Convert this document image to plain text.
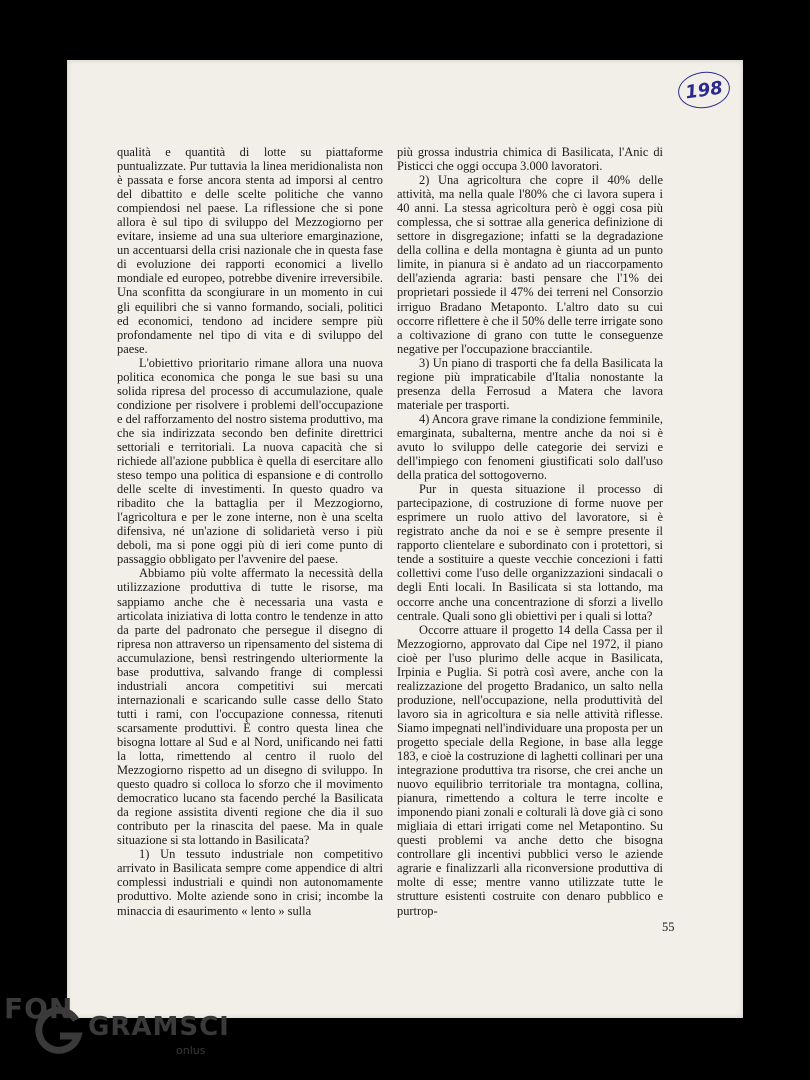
198

qualità e quantità di lotte su piattaforme puntualizzate. Pur tuttavia la linea meridionalista non è passata e forse ancora stenta ad imporsi al centro del dibattito e delle scelte politiche che vanno compiendosi nel paese. La riflessione che si pone allora è sul tipo di sviluppo del Mezzogiorno per evitare, insieme ad una sua ulteriore emarginazione, un accentuarsi della crisi nazionale che in questa fase di evoluzione dei rapporti economici a livello mondiale ed europeo, potrebbe divenire irreversibile. Una sconfitta da scongiurare in un momento in cui gli equilibri che si vanno formando, sociali, politici ed economici, tendono ad incidere sempre più profondamente nel tipo di vita e di sviluppo del paese.

L'obiettivo prioritario rimane allora una nuova politica economica che ponga le sue basi su una solida ripresa del processo di accumulazione, quale condizione per risolvere i problemi dell'occupazione e del rafforzamento del nostro sistema produttivo, ma che sia indirizzata secondo ben definite direttrici settoriali e territoriali. La nuova capacità che si richiede all'azione pubblica è quella di esercitare allo steso tempo una politica di espansione e di controllo delle scelte di investimenti. In questo quadro va ribadito che la battaglia per il Mezzogiorno, l'agricoltura e per le zone interne, non è una scelta difensiva, né un'azione di solidarietà verso i più deboli, ma si pone oggi più di ieri come punto di passaggio obbligato per l'avvenire del paese.

Abbiamo più volte affermato la necessità della utilizzazione produttiva di tutte le risorse, ma sappiamo anche che è necessaria una vasta e articolata iniziativa di lotta contro le tendenze in atto da parte del padronato che persegue il disegno di ripresa non attraverso un ripensamento del sistema di accumulazione, bensì restringendo ulteriormente la base produttiva, salvando frange di complessi industriali ancora competitivi sui mercati internazionali e scaricando sulle casse dello Stato tutti i rami, con l'occupazione connessa, ritenuti scarsamente produttivi. È contro questa linea che bisogna lottare al Sud e al Nord, unificando nei fatti la lotta, rimettendo al centro il ruolo del Mezzogiorno rispetto ad un disegno di sviluppo. In questo quadro si colloca lo sforzo che il movimento democratico lucano sta facendo perché la Basilicata da regione assistita diventi regione che dia il suo contributo per la rinascita del paese. Ma in quale situazione si sta lottando in Basilicata?

1) Un tessuto industriale non competitivo arrivato in Basilicata sempre come appendice di altri complessi industriali e quindi non autonomamente produttivo. Molte aziende sono in crisi; incombe la minaccia di esaurimento « lento » sulla

più grossa industria chimica di Basilicata, l'Anic di Pisticci che oggi occupa 3.000 lavoratori.

2) Una agricoltura che copre il 40% delle attività, ma nella quale l'80% che ci lavora supera i 40 anni. La stessa agricoltura però è oggi cosa più complessa, che si sottrae alla generica definizione di settore in disgregazione; infatti se la degradazione della collina e della montagna è giunta ad un punto limite, in pianura si è andato ad un riaccorpamento dell'azienda agraria: basti pensare che l'1% dei proprietari possiede il 47% dei terreni nel Consorzio irriguo Bradano Metaponto. L'altro dato su cui occorre riflettere è che il 50% delle terre irrigate sono a coltivazione di grano con tutte le conseguenze negative per l'occupazione bracciantile.

3) Un piano di trasporti che fa della Basilicata la regione più impraticabile d'Italia nonostante la presenza della Ferrosud a Matera che lavora materiale per trasporti.

4) Ancora grave rimane la condizione femminile, emarginata, subalterna, mentre anche da noi si è avuto lo sviluppo delle categorie dei servizi e dell'impiego con fenomeni giustificati solo dall'uso della pratica del sottogoverno.

Pur in questa situazione il processo di partecipazione, di costruzione di forme nuove per esprimere un ruolo attivo del lavoratore, si è registrato anche da noi e se è sempre presente il rapporto clientelare e subordinato con i protettori, si tende a sostituire a queste vecchie concezioni i fatti collettivi come l'uso delle organizzazioni sindacali o degli Enti locali. In Basilicata si sta lottando, ma occorre anche una concentrazione di sforzi a livello centrale. Quali sono gli obiettivi per i quali si lotta?

Occorre attuare il progetto 14 della Cassa per il Mezzogiorno, approvato dal Cipe nel 1972, il piano cioè per l'uso plurimo delle acque in Basilicata, Irpinia e Puglia. Si potrà così avere, anche con la realizzazione del progetto Bradanico, un salto nella produzione, nell'occupazione, nella produttività del lavoro sia in agricoltura e sia nelle attività riflesse. Siamo impegnati nell'individuare una proposta per un progetto speciale della Regione, in base alla legge 183, e cioè la costruzione di laghetti collinari per una integrazione produttiva tra risorse, che crei anche un nuovo equilibrio territoriale tra montagna, collina, pianura, rimettendo a coltura le terre incolte e imponendo piani zonali e colturali là dove già ci sono migliaia di ettari irrigati come nel Metapontino. Su questi problemi va anche detto che bisogna controllare gli incentivi pubblici verso le aziende agrarie e finalizzarli alla riconversione produttiva di molte di esse; mentre vanno utilizzate tutte le strutture esistenti costruite con denaro pubblico e purtrop-

55
FON
GRAMSCI
onlus
